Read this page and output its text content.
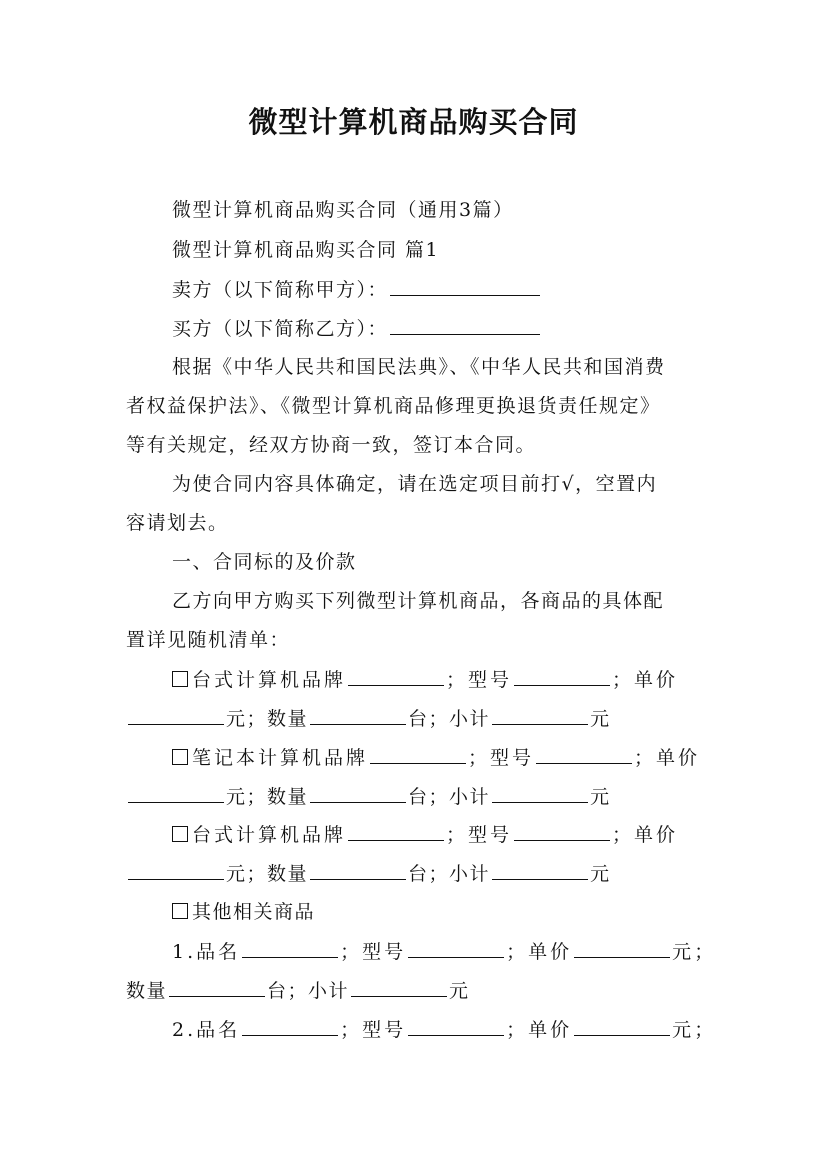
微型计算机商品购买合同
微型计算机商品购买合同（通用3篇）
微型计算机商品购买合同 篇1
卖方（以下简称甲方）：
买方（以下简称乙方）：
根据《中华人民共和国民法典》、《中华人民共和国消费
者权益保护法》、《微型计算机商品修理更换退货责任规定》
等有关规定，经双方协商一致，签订本合同。
为使合同内容具体确定，请在选定项目前打√，空置内
容请划去。
一、合同标的及价款
乙方向甲方购买下列微型计算机商品，各商品的具体配
置详见随机清单：
台式计算机品牌	；型号	；单价
元；数量	台；小计	元
笔记本计算机品牌	；型号	；单价
元；数量	台；小计	元
台式计算机品牌	；型号	；单价
元；数量	台；小计	元
其他相关商品
1.品名	；型号	；单价	元；
数量	台；小计	元
2.品名	；型号	；单价	元；
